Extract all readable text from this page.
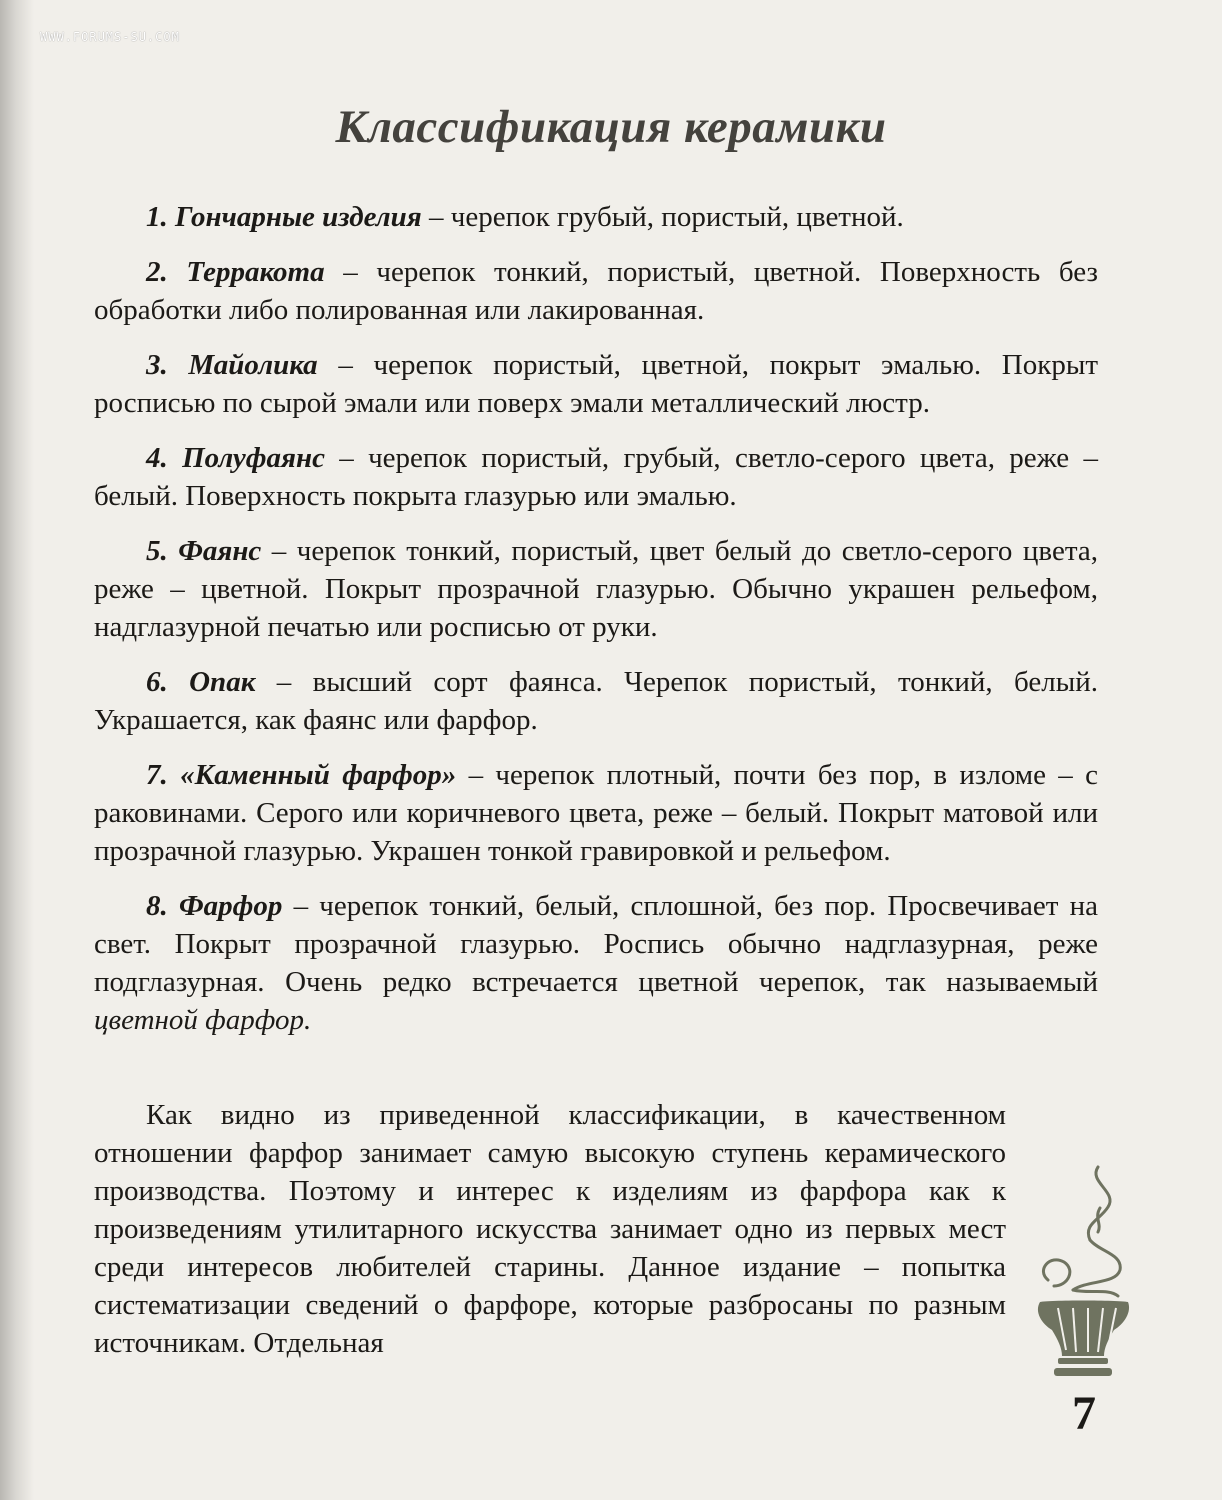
WWW.FORUMS-SU.COM
Классификация керамики

1. Гончарные изделия – черепок грубый, пористый, цветной.

2. Терракота – черепок тонкий, пористый, цветной. Поверхность без обработки либо полированная или лакированная.

3. Майолика – черепок пористый, цветной, покрыт эмалью. Покрыт росписью по сырой эмали или поверх эмали металлический люстр.

4. Полуфаянс – черепок пористый, грубый, светло-серого цвета, реже – белый. Поверхность покрыта глазурью или эмалью.

5. Фаянс – черепок тонкий, пористый, цвет белый до светло-серого цвета, реже – цветной. Покрыт прозрачной глазурью. Обычно украшен рельефом, надглазурной печатью или росписью от руки.

6. Опак – высший сорт фаянса. Черепок пористый, тонкий, белый. Украшается, как фаянс или фарфор.

7. «Каменный фарфор» – черепок плотный, почти без пор, в изломе – с раковинами. Серого или коричневого цвета, реже – белый. Покрыт матовой или прозрачной глазурью. Украшен тонкой гравировкой и рельефом.

8. Фарфор – черепок тонкий, белый, сплошной, без пор. Просвечивает на свет. Покрыт прозрачной глазурью. Роспись обычно надглазурная, реже подглазурная. Очень редко встречается цветной черепок, так называемый цветной фарфор.

Как видно из приведенной классификации, в качественном отношении фарфор занимает самую высокую ступень керамического производства. Поэтому и интерес к изделиям из фарфора как к произведениям утилитарного искусства занимает одно из первых мест среди интересов любителей старины. Данное издание – попытка систематизации сведений о фарфоре, которые разбросаны по разным источникам. Отдельная

7
